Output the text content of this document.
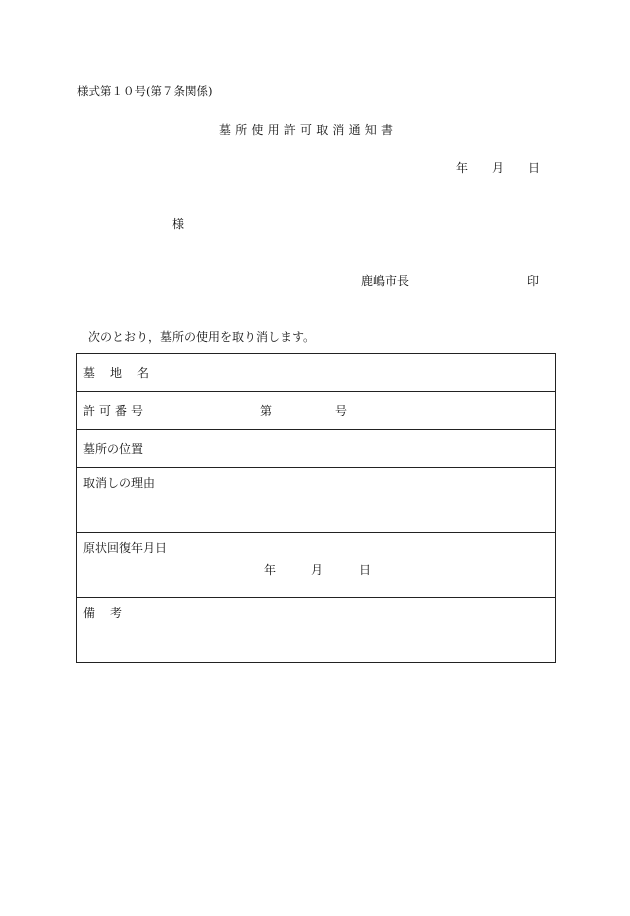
様式第１０号(第７条関係)
墓所使用許可取消通知書
年 月 日
様
鹿嶋市長	印
次のとおり，墓所の使用を取り消します。
墓地名
許可番号	第	号
墓所の位置
取消しの理由
原状回復年月日
年	月	日
備考
